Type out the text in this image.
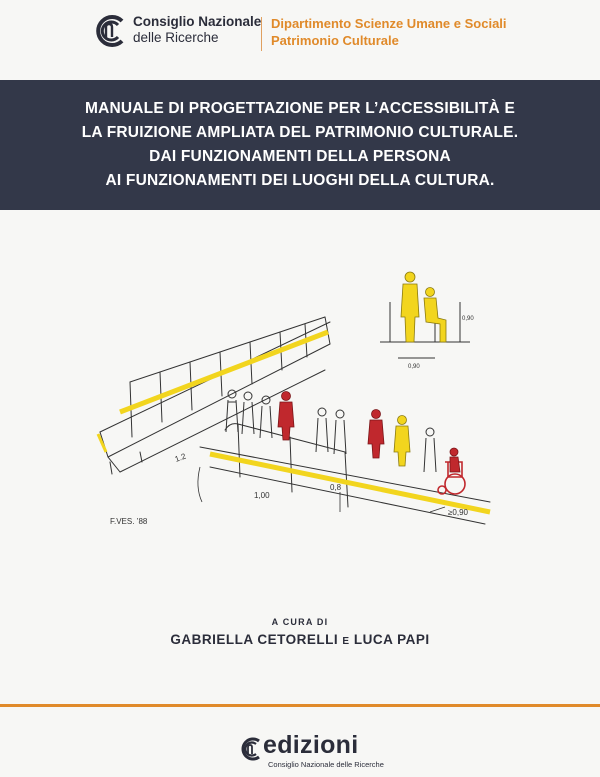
Consiglio Nazionale
delle Ricerche
Dipartimento Scienze Umane e Sociali
Patrimonio Culturale
MANUALE DI PROGETTAZIONE PER L’ACCESSIBILITÀ E
LA FRUIZIONE AMPLIATA DEL PATRIMONIO CULTURALE.
DAI FUNZIONAMENTI DELLA PERSONA
AI FUNZIONAMENTI DEI LUOGHI DELLA CULTURA.
0,90
0,90
1.2
1,00
0,8
≥0,90
F.VES. ’88
A CURA DI
GABRIELLA CETORELLI E LUCA PAPI
edizioni
Consiglio Nazionale delle Ricerche
